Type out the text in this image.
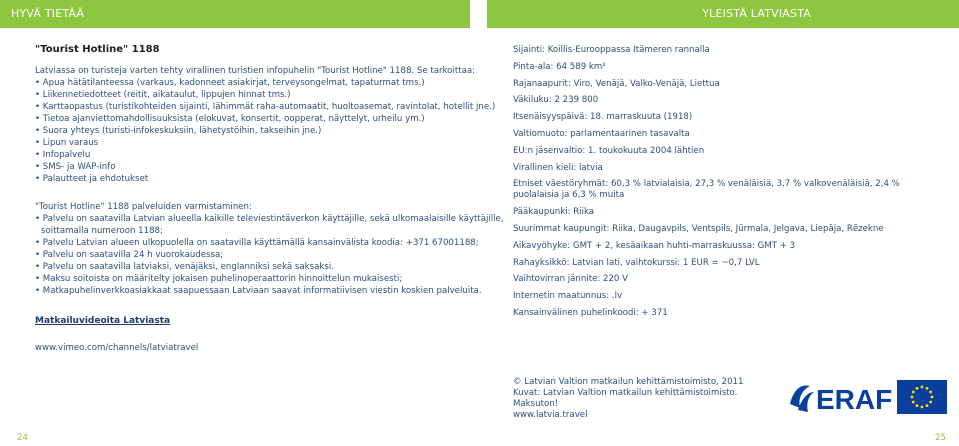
HYVÄ TIETÄÄ	YLEISTÄ LATVIASTA
"Tourist Hotline" 1188
Latviassa on turisteja varten tehty virallinen turistien infopuhelin "Tourist Hotline" 1188. Se tarkoittaa:
• Apua hätätilanteessa (varkaus, kadonneet asiakirjat, terveysongelmat, tapaturmat tms.)
• Liikennetiedotteet (reitit, aikataulut, lippujen hinnat tms.)
• Karttaopastus (turistikohteiden sijainti, lähimmät raha-automaatit, huoltoasemat, ravintolat, hotellit jne.)
• Tietoa ajanviettomahdollisuuksista (elokuvat, konsertit, oopperat, näyttelyt, urheilu ym.)
• Suora yhteys (turisti-infokeskuksiin, lähetystöihin, takseihin jne.)
• Lipun varaus
• Infopalvelu
• SMS- ja WAP-info
• Palautteet ja ehdotukset
"Tourist Hotline" 1188 palveluiden varmistaminen:
• Palvelu on saatavilla Latvian alueella kaikille televiestintäverkon käyttäjille, sekä ulkomaalaisille käyttäjille,
soittamalla numeroon 1188;
• Palvelu Latvian alueen ulkopuolella on saatavilla käyttämällä kansainvälista koodia: +371 67001188;
• Palvelu on saatavilla 24 h vuorokaudessa;
• Palvelu on saatavilla latviaksi, venäjäksi, englanniksi sekä saksaksi.
• Maksu soitoista on määritelty jokaisen puhelinoperaattorin hinnoittelun mukaisesti;
• Matkapuhelinverkkoasiakkaat saapuessaan Latviaan saavat informatiivisen viestin koskien palveluita.
Matkailuvideoita Latviasta
www.vimeo.com/channels/latviatravel
Sijainti: Koillis-Eurooppassa Itämeren rannalla
Pinta-ala: 64 589 km²
Rajanaapurit: Viro, Venäjä, Valko-Venäjä, Liettua
Väkiluku: 2 239 800
Itsenäisyyspäivä: 18. marraskuuta (1918)
Valtiomuoto: parlamentaarinen tasavalta
EU:n jäsenvaltio: 1. toukokuuta 2004 lähtien
Virallinen kieli: latvia
Etniset väestöryhmät: 60,3 % latvialaisia, 27,3 % venäläisiä, 3,7 % valkovenäläisiä, 2,4 % puolalaisia ja 6,3 % muita
Pääkaupunki: Riika
Suurimmat kaupungit: Riika, Daugavpils, Ventspils, Jūrmala, Jelgava, Liepāja, Rēzekne
Aikavyöhyke: GMT + 2, kesäaikaan huhti-marraskuussa: GMT + 3
Rahayksikkö: Latvian lati, vaihtokurssi: 1 EUR = ~0,7 LVL
Vaihtovirran jännite: 220 V
Internetin maatunnus: .lv
Kansainvälinen puhelinkoodi: + 371
© Latvian Valtion matkailun kehittämistoimisto, 2011
Kuvat: Latvian Valtion matkailun kehittämistoimisto.
Maksuton!
www.latvia.travel	ERAF
24	25
